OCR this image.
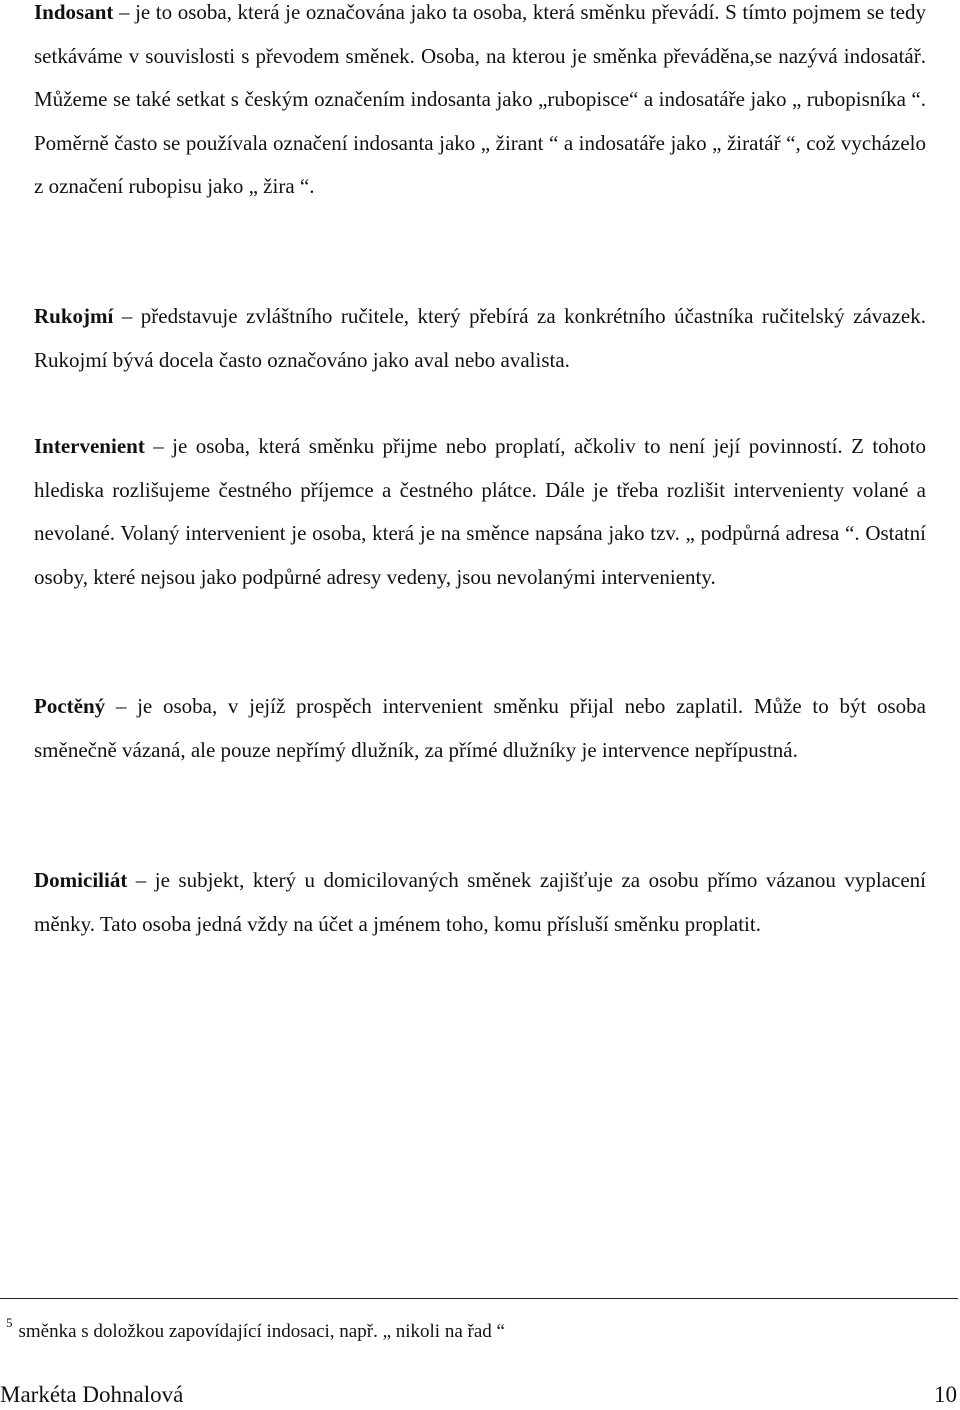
Indosant – je to osoba, která je označována jako ta osoba, která směnku převádí. S tímto pojmem se tedy setkáváme v souvislosti s převodem směnek. Osoba, na kterou je směnka převáděna,se nazývá indosatář. Můžeme se také setkat s českým označením indosanta jako „rubopisce“ a indosatáře jako „ rubopisníka “. Poměrně často se používala označení indosanta jako „ žirant “ a indosatáře jako „ žiratář “, což vycházelo z označení rubopisu jako „ žira “.

Rukojmí – představuje zvláštního ručitele, který přebírá za konkrétního účastníka ručitelský závazek. Rukojmí bývá docela často označováno jako aval nebo avalista.

Intervenient – je osoba, která směnku přijme nebo proplatí, ačkoliv to není její povinností. Z tohoto hlediska rozlišujeme čestného příjemce a čestného plátce. Dále je třeba rozlišit intervenienty volané a nevolané. Volaný intervenient je osoba, která je na směnce napsána jako tzv. „ podpůrná adresa “. Ostatní osoby, které nejsou jako podpůrné adresy vedeny, jsou nevolanými intervenienty.

Poctěný – je osoba, v jejíž prospěch intervenient směnku přijal nebo zaplatil. Může to být osoba směnečně vázaná, ale pouze nepřímý dlužník, za přímé dlužníky je intervence nepřípustná.

Domiciliát – je subjekt, který u domicilovaných směnek zajišťuje za osobu přímo vázanou vyplacení měnky. Tato osoba jedná vždy na účet a jménem toho, komu přísluší směnku proplatit.

$^5$ směnka s doložkou zapovídající indosaci, např. „ nikoli na řad “
Markéta Dohnalová	10
